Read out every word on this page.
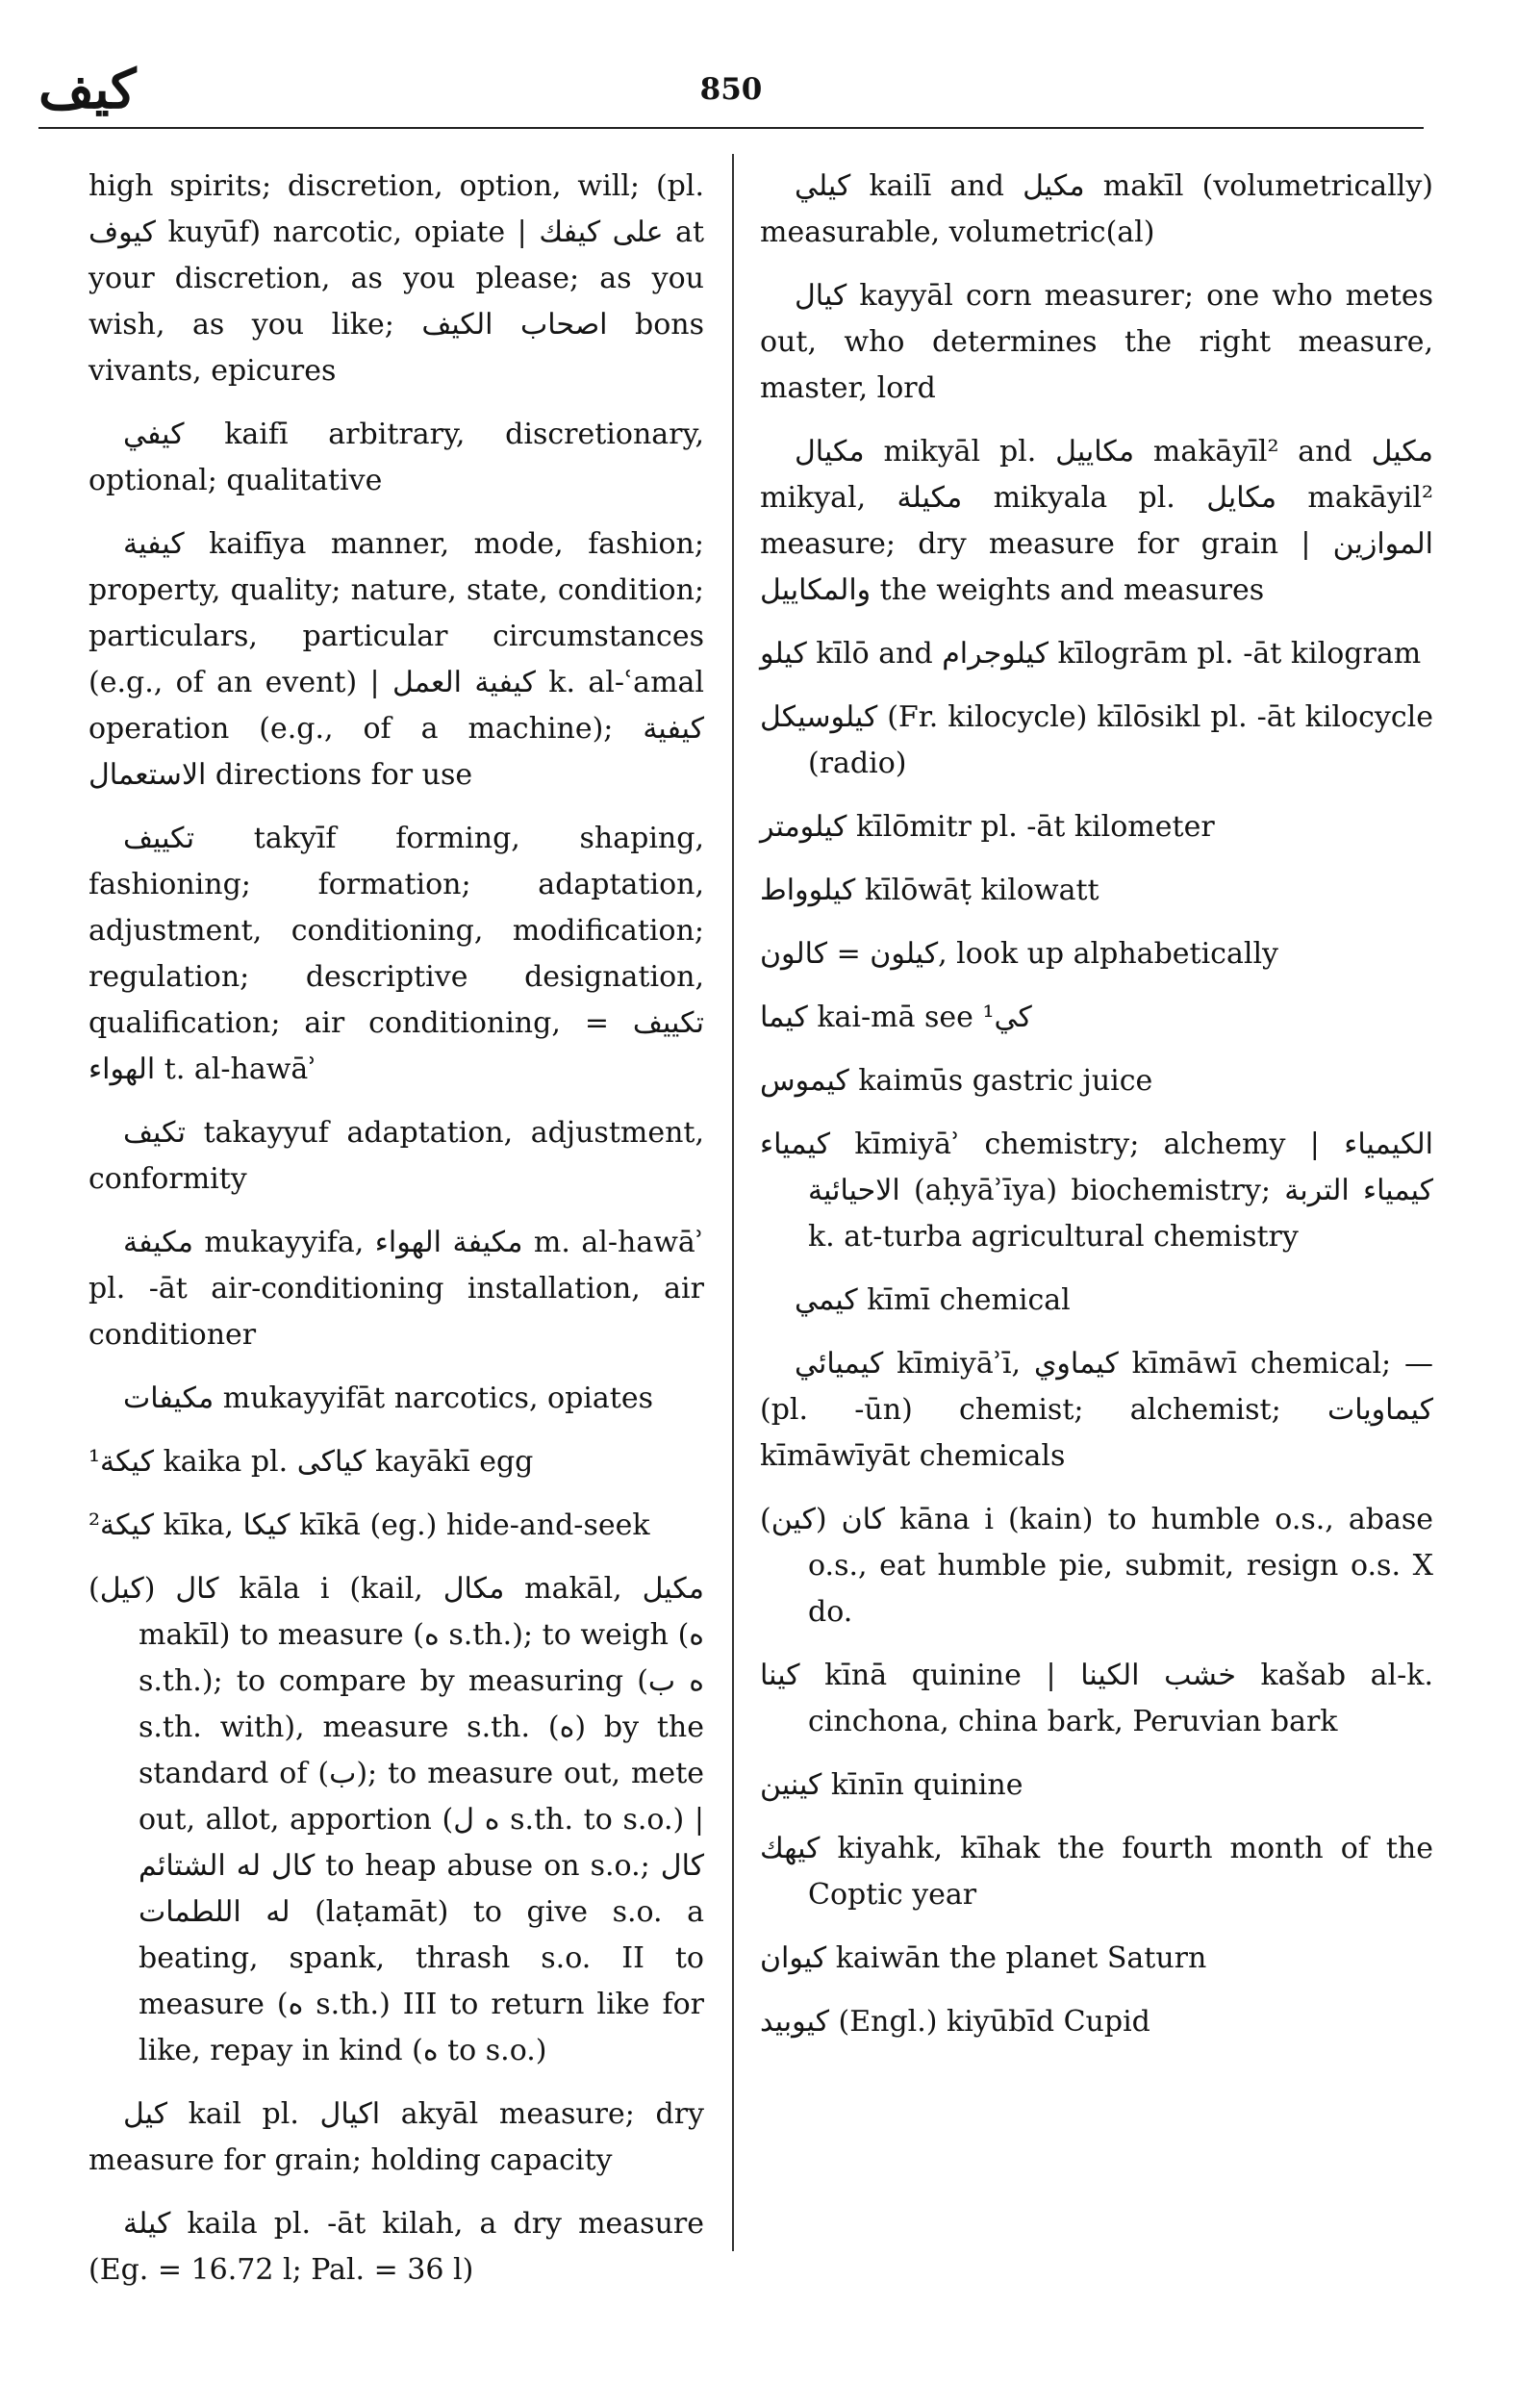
كيف	850

high spirits; discretion, option, will; (pl. كيوف kuyūf) narcotic, opiate | على كيفك at your discretion, as you please; as you wish, as you like; اصحاب الكيف bons vivants, epicures

كيفي kaifī arbitrary, discretionary, optional; qualitative

كيفية kaifīya manner, mode, fashion; property, quality; nature, state, condition; particulars, particular circumstances (e.g., of an event) | كيفية العمل k. al-ʿamal operation (e.g., of a machine); كيفية الاستعمال directions for use

تكييف takyīf forming, shaping, fashioning; formation; adaptation, adjustment, conditioning, modification; regulation; descriptive designation, qualification; air conditioning, = تكييف الهواء t. al-hawāʾ

تكيف takayyuf adaptation, adjustment, conformity

مكيفة mukayyifa, مكيفة الهواء m. al-hawāʾ pl. -āt air-conditioning installation, air conditioner

مكيفات mukayyifāt narcotics, opiates

¹كيكة kaika pl. كياكى kayākī egg

²كيكة kīka, كيكا kīkā (eg.) hide-and-seek

كال (كيل) kāla i (kail, مكال makāl, مكيل makīl) to measure (ه s.th.); to weigh (ه s.th.); to compare by measuring (ه ب s.th. with), measure s.th. (ه) by the standard of (ب); to measure out, mete out, allot, apportion (ه ل s.th. to s.o.) | كال له الشتائم to heap abuse on s.o.; كال له اللطمات (laṭamāt) to give s.o. a beating, spank, thrash s.o. II to measure (ه s.th.) III to return like for like, repay in kind (ه to s.o.)

كيل kail pl. اكيال akyāl measure; dry measure for grain; holding capacity

كيلة kaila pl. -āt kilah, a dry measure (Eg. = 16.72 l; Pal. = 36 l)

كيلي kailī and مكيل makīl (volumetrically) measurable, volumetric(al)

كيال kayyāl corn measurer; one who metes out, who determines the right measure, master, lord

مكيال mikyāl pl. مكاييل makāyīl² and مكيل mikyal, مكيلة mikyala pl. مكايل makāyil² measure; dry measure for grain | الموازين والمكاييل the weights and measures

كيلو kīlō and كيلوجرام kīlogrām pl. -āt kilogram

كيلوسيكل (Fr. kilocycle) kīlōsikl pl. -āt kilocycle (radio)

كيلومتر kīlōmitr pl. -āt kilometer

كيلوواط kīlōwāṭ kilowatt

كيلون = كالون, look up alphabetically

كيما kai-mā see ¹كي

كيموس kaimūs gastric juice

كيمياء kīmiyāʾ chemistry; alchemy | الكيمياء الاحيائية (aḥyāʾīya) biochemistry; كيمياء التربة k. at-turba agricultural chemistry

كيمي kīmī chemical

كيميائي kīmiyāʾī, كيماوي kīmāwī chemical; — (pl. -ūn) chemist; alchemist; كيماويات kīmāwīyāt chemicals

كان (كين) kāna i (kain) to humble o.s., abase o.s., eat humble pie, submit, resign o.s. X do.

كينا kīnā quinine | خشب الكينا kašab al-k. cinchona, china bark, Peruvian bark

كينين kīnīn quinine

كيهك kiyahk, kīhak the fourth month of the Coptic year

كيوان kaiwān the planet Saturn

كيوبيد (Engl.) kiyūbīd Cupid
